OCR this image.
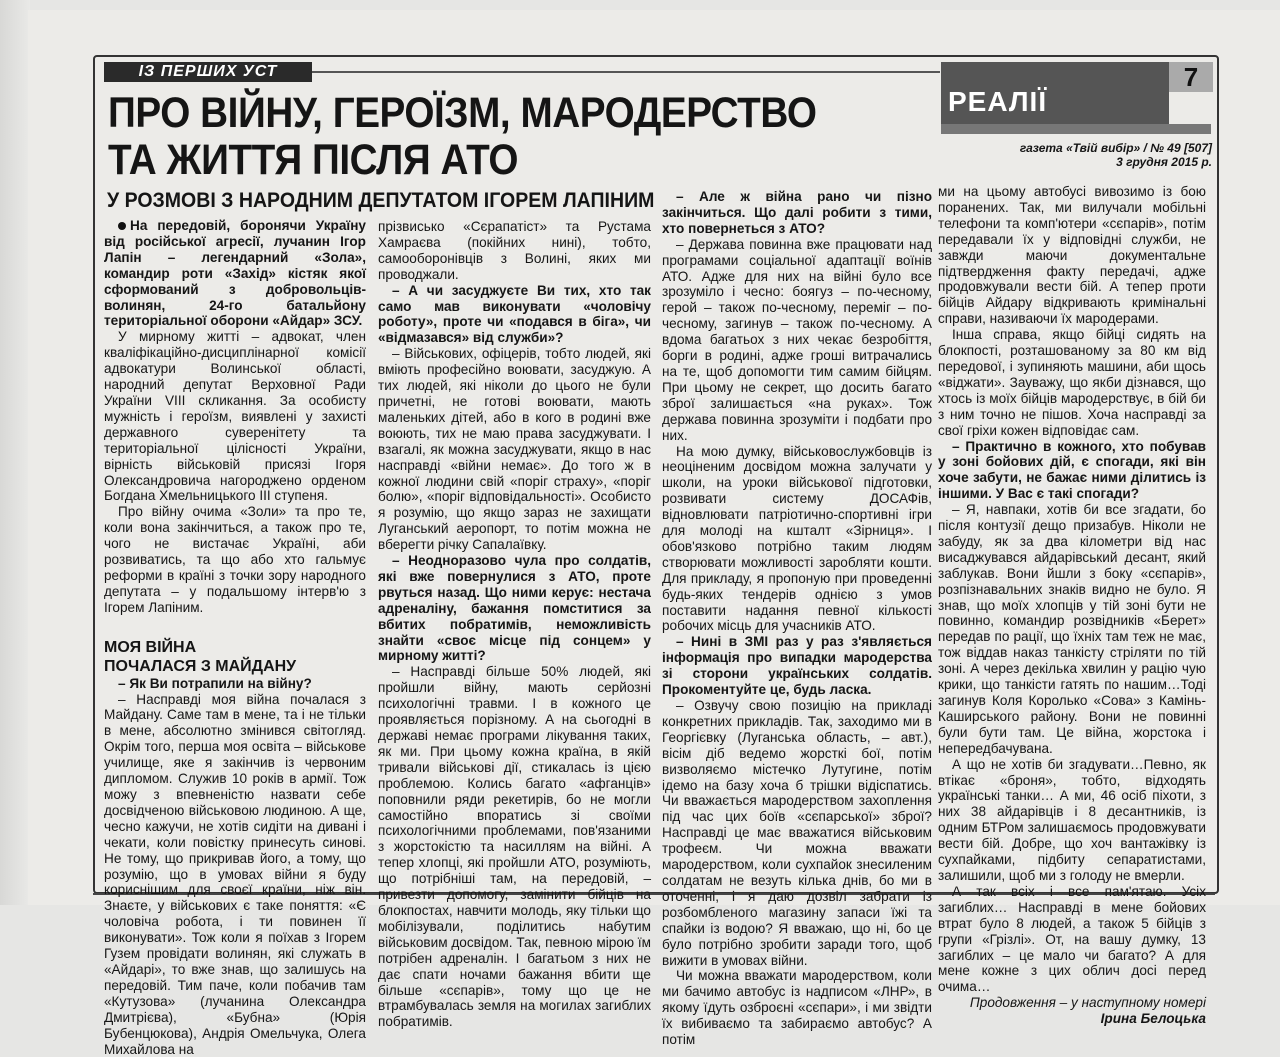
ІЗ ПЕРШИХ УСТ
ПРО ВІЙНУ, ГЕРОЇЗМ, МАРОДЕРСТВО ТА ЖИТТЯ ПІСЛЯ АТО
У РОЗМОВІ З НАРОДНИМ ДЕПУТАТОМ ІГОРЕМ ЛАПІНИМ
РЕАЛІЇ
7
газета «Твій вибір» / № 49 [507]
3 грудня 2015 р.

На передовій, боронячи Україну від російської агресії, лучанин Ігор Лапін – легендарний «Зола», командир роти «Захід» кістяк якої сформований з добровольців-волинян, 24-го батальйону територіальної оборони «Айдар» ЗСУ.

У мирному житті – адвокат, член кваліфікаційно-дисциплінарної комісії адвокатури Волинської області, народний депутат Верховної Ради України VIII скликання. За особисту мужність і героїзм, виявлені у захисті державного суверенітету та територіальної цілісності України, вірність військовій присязі Ігоря Олександровича нагороджено орденом Богдана Хмельницького ІІІ ступеня.

Про війну очима «Золи» та про те, коли вона закінчиться, а також про те, чого не вистачає Україні, аби розвиватись, та що або хто гальмує реформи в країні з точки зору народного депутата – у подальшому інтерв'ю з Ігорем Лапіним.

МОЯ ВІЙНА

ПОЧАЛАСЯ З МАЙДАНУ

– Як Ви потрапили на війну?

– Насправді моя війна почалася з Майдану. Саме там в мене, та і не тільки в мене, абсолютно змінився світогляд. Окрім того, перша моя освіта – військове училище, яке я закінчив із червоним дипломом. Служив 10 років в армії. Тож можу з впевненістю назвати себе досвідченою військовою людиною. А ще, чесно кажучи, не хотів сидіти на дивані і чекати, коли повістку принесуть синові. Не тому, що прикривав його, а тому, що розумію, що в умовах війни я буду кориснішим для своєї країни, ніж він. Знаєте, у військових є таке поняття: «Є чоловіча робота, і ти повинен її виконувати». Тож коли я поїхав з Ігорем Гузем провідати волинян, які служать в «Айдарі», то вже знав, що залишусь на передовій. Тим паче, коли побачив там «Кутузова» (лучанина Олександра Дмитрієва), «Бубна» (Юрія Бубенцюкова), Андрія Омельчука, Олега Михайлова на

прізвисько «Сєрапатіст» та Рустама Хамраєва (покійних нині), тобто, самооборонівців з Волині, яких ми проводжали.

– А чи засуджуєте Ви тих, хто так само мав виконувати «чоловічу роботу», проте чи «подався в біга», чи «відмазався» від служби»?

– Військових, офіцерів, тобто людей, які вміють професійно воювати, засуджую. А тих людей, які ніколи до цього не були причетні, не готові воювати, мають маленьких дітей, або в кого в родині вже воюють, тих не маю права засуджувати. І взагалі, як можна засуджувати, якщо в нас насправді «війни немає». До того ж в кожної людини свій «поріг страху», «поріг болю», «поріг відповідальності». Особисто я розумію, що якщо зараз не захищати Луганський аеропорт, то потім можна не вберегти річку Сапалаївку.

– Неодноразово чула про солдатів, які вже повернулися з АТО, проте рвуться назад. Що ними керує: нестача адреналіну, бажання помститися за вбитих побратимів, неможливість знайти «своє місце під сонцем» у мирному житті?

– Насправді більше 50% людей, які пройшли війну, мають серйозні психологічні травми. І в кожного це проявляється порізному. А на сьогодні в державі немає програми лікування таких, як ми. При цьому кожна країна, в якій тривали військові дії, стикалась із цією проблемою. Колись багато «афганців» поповнили ряди рекетирів, бо не могли самостійно впоратись зі своїми психологічними проблемами, пов'язаними з жорстокістю та насиллям на війні. А тепер хлопці, які пройшли АТО, розуміють, що потрібніші там, на передовій, – привезти допомогу, замінити бійців на блокпостах, навчити молодь, яку тільки що мобілізували, поділитись набутим військовим досвідом. Так, певною мірою їм потрібен адреналін. І багатьом з них не дає спати ночами бажання вбити ще більше «сєпарів», тому що це не втрамбувалась земля на могилах загиблих побратимів.

– Але ж війна рано чи пізно закінчиться. Що далі робити з тими, хто повернеться з АТО?

– Держава повинна вже працювати над програмами соціальної адаптації воїнів АТО. Адже для них на війні було все зрозуміло і чесно: боягуз – по-чесному, герой – також по-чесному, переміг – по-чесному, загинув – також по-чесному. А вдома багатьох з них чекає безробіття, борги в родині, адже гроші витрачались на те, щоб допомогти тим самим бійцям. При цьому не секрет, що досить багато зброї залишається «на руках». Тож держава повинна зрозуміти і подбати про них.

На мою думку, військовослужбовців із неоціненим досвідом можна залучати у школи, на уроки військової підготовки, розвивати систему ДОСАФів, відновлювати патріотично-спортивні ігри для молоді на кшталт «Зірниця». І обов'язково потрібно таким людям створювати можливості заробляти кошти. Для прикладу, я пропоную при проведенні будь-яких тендерів однією з умов поставити надання певної кількості робочих місць для учасників АТО.

– Нині в ЗМІ раз у раз з'являється інформація про випадки мародерства зі сторони українських солдатів. Прокоментуйте це, будь ласка.

– Озвучу свою позицію на прикладі конкретних прикладів. Так, заходимо ми в Георгієвку (Луганська область, – авт.), вісім діб ведемо жорсткі бої, потім визволяємо містечко Лутугине, потім ідемо на базу хоча б трішки відіспатись. Чи вважається мародерством захоплення під час цих боїв «сєпарської» зброї? Насправді це має вважатися військовим трофеєм. Чи можна вважати мародерством, коли сухпайок знесиленим солдатам не везуть кілька днів, бо ми в оточенні, і я даю дозвіл забрати із розбомбленого магазину запаси їжі та спайки із водою? Я вважаю, що ні, бо це було потрібно зробити заради того, щоб вижити в умовах війни.

Чи можна вважати мародерством, коли ми бачимо автобус із надписом «ЛНР», в якому їдуть озброєні «сєпари», і ми звідти їх вибиваємо та забираємо автобус? А потім

ми на цьому автобусі вивозимо із бою поранених. Так, ми вилучали мобільні телефони та комп'ютери «сєпарів», потім передавали їх у відповідні служби, не завжди маючи документальне підтвердження факту передачі, адже продовжували вести бій. А тепер проти бійців Айдару відкривають кримінальні справи, називаючи їх мародерами.

Інша справа, якщо бійці сидять на блокпості, розташованому за 80 км від передової, і зупиняють машини, аби щось «віджати». Зауважу, що якби дізнався, що хтось із моїх бійців мародерствує, в бій би з ним точно не пішов. Хоча насправді за свої гріхи кожен відповідає сам.

– Практично в кожного, хто побував у зоні бойових дій, є спогади, які він хоче забути, не бажає ними ділитись із іншими. У Вас є такі спогади?

– Я, навпаки, хотів би все згадати, бо після контузії дещо призабув. Ніколи не забуду, як за два кілометри від нас висаджувався айдарівський десант, який заблукав. Вони йшли з боку «сєпарів», розпізнавальних знаків видно не було. Я знав, що моїх хлопців у тій зоні бути не повинно, командир розвідників «Берет» передав по рації, що їхніх там теж не має, тож віддав наказ танкісту стріляти по тій зоні. А через декілька хвилин у рацію чую крики, що танкісти гатять по нашим…Тоді загинув Коля Королько «Сова» з Камінь-Каширського району. Вони не повинні були бути там. Це війна, жорстока і непередбачувана.

А що не хотів би згадувати…Певно, як втікає «броня», тобто, відходять українські танки… А ми, 46 осіб піхоти, з них 38 айдарівців і 8 десантників, із одним БТРом залишаємось продовжувати вести бій. Добре, що хоч вантажівку із сухпайками, підбиту сепаратистами, залишили, щоб ми з голоду не вмерли.

А так всіх і все пам'ятаю. Усіх загиблих… Насправді в мене бойових втрат було 8 людей, а також 5 бійців з групи «Грізлі». От, на вашу думку, 13 загиблих – це мало чи багато? А для мене кожне з цих облич досі перед очима…

Продовження – у наступному номері

Ірина Белоцька
